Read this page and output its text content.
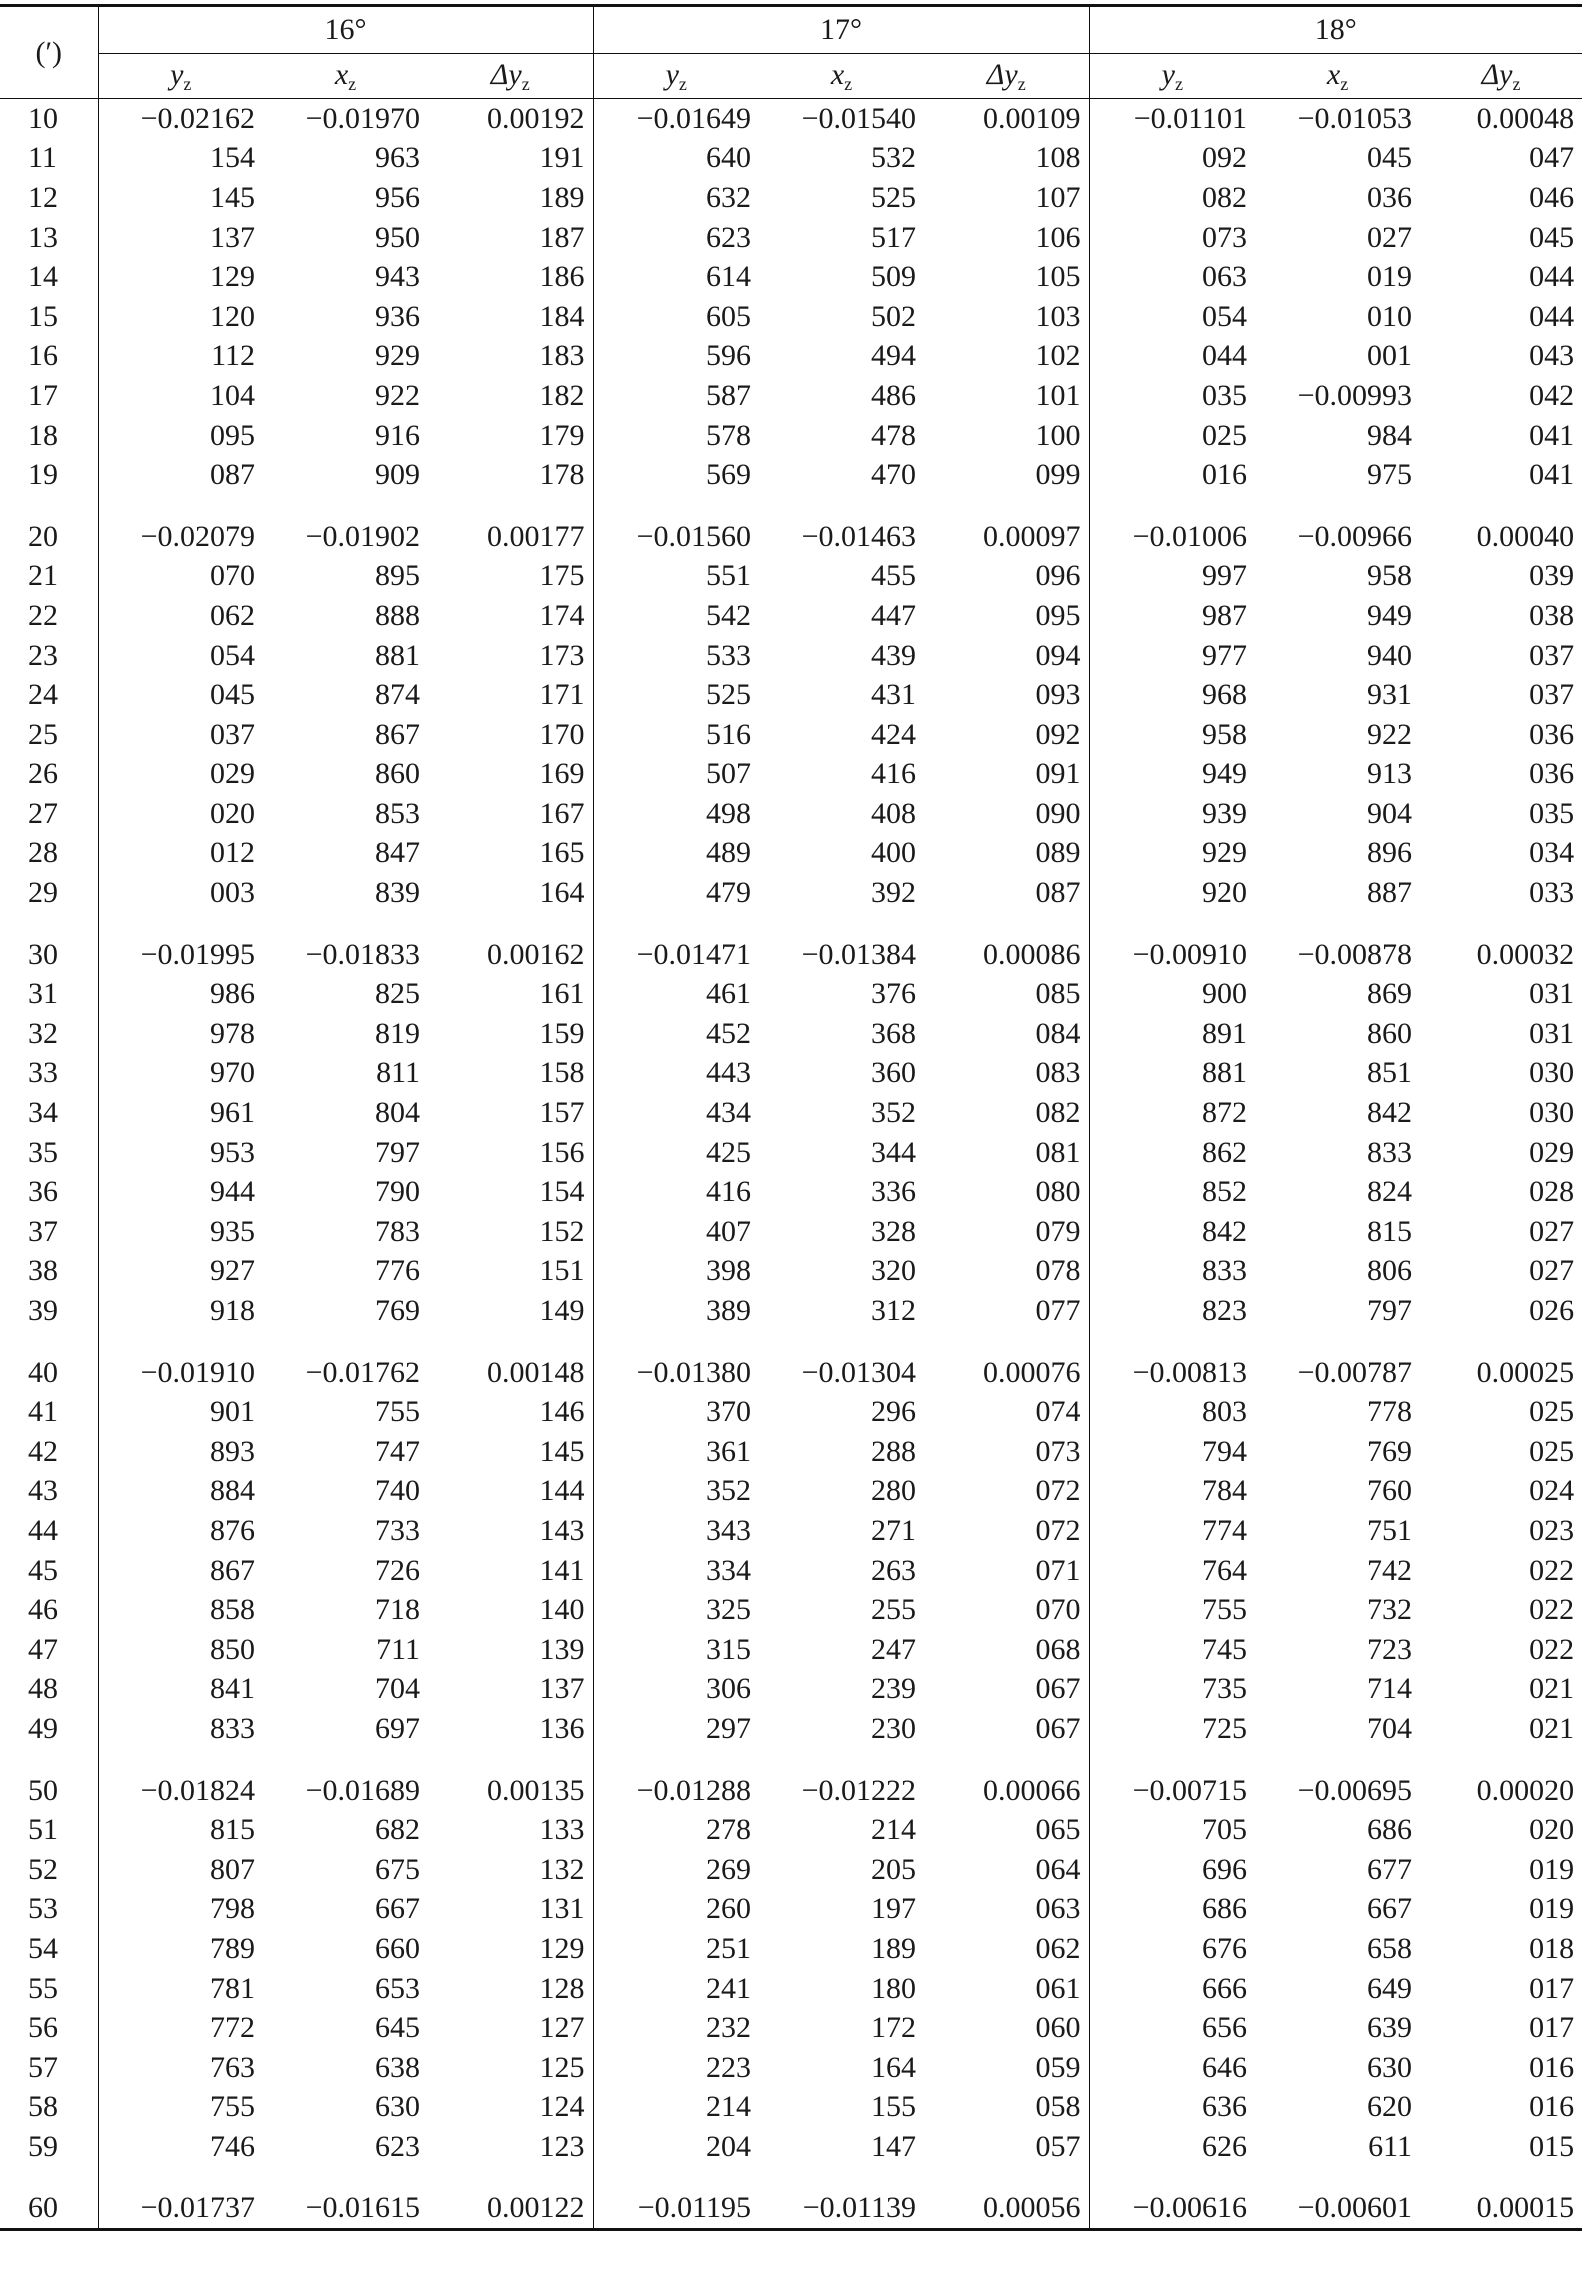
(′)	16°			17°			18°		
	$y_z$	$x_z$	$\Delta y_z$	$y_z$	$x_z$	$\Delta y_z$	$y_z$	$x_z$	$\Delta y_z$
10	−0.02162	−0.01970	0.00192	−0.01649	−0.01540	0.00109	−0.01101	−0.01053	0.00048
11	154	963	191	640	532	108	092	045	047
12	145	956	189	632	525	107	082	036	046
13	137	950	187	623	517	106	073	027	045
14	129	943	186	614	509	105	063	019	044
15	120	936	184	605	502	103	054	010	044
16	112	929	183	596	494	102	044	001	043
17	104	922	182	587	486	101	035	−0.00993	042
18	095	916	179	578	478	100	025	984	041
19	087	909	178	569	470	099	016	975	041
20	−0.02079	−0.01902	0.00177	−0.01560	−0.01463	0.00097	−0.01006	−0.00966	0.00040
21	070	895	175	551	455	096	997	958	039
22	062	888	174	542	447	095	987	949	038
23	054	881	173	533	439	094	977	940	037
24	045	874	171	525	431	093	968	931	037
25	037	867	170	516	424	092	958	922	036
26	029	860	169	507	416	091	949	913	036
27	020	853	167	498	408	090	939	904	035
28	012	847	165	489	400	089	929	896	034
29	003	839	164	479	392	087	920	887	033
30	−0.01995	−0.01833	0.00162	−0.01471	−0.01384	0.00086	−0.00910	−0.00878	0.00032
31	986	825	161	461	376	085	900	869	031
32	978	819	159	452	368	084	891	860	031
33	970	811	158	443	360	083	881	851	030
34	961	804	157	434	352	082	872	842	030
35	953	797	156	425	344	081	862	833	029
36	944	790	154	416	336	080	852	824	028
37	935	783	152	407	328	079	842	815	027
38	927	776	151	398	320	078	833	806	027
39	918	769	149	389	312	077	823	797	026
40	−0.01910	−0.01762	0.00148	−0.01380	−0.01304	0.00076	−0.00813	−0.00787	0.00025
41	901	755	146	370	296	074	803	778	025
42	893	747	145	361	288	073	794	769	025
43	884	740	144	352	280	072	784	760	024
44	876	733	143	343	271	072	774	751	023
45	867	726	141	334	263	071	764	742	022
46	858	718	140	325	255	070	755	732	022
47	850	711	139	315	247	068	745	723	022
48	841	704	137	306	239	067	735	714	021
49	833	697	136	297	230	067	725	704	021
50	−0.01824	−0.01689	0.00135	−0.01288	−0.01222	0.00066	−0.00715	−0.00695	0.00020
51	815	682	133	278	214	065	705	686	020
52	807	675	132	269	205	064	696	677	019
53	798	667	131	260	197	063	686	667	019
54	789	660	129	251	189	062	676	658	018
55	781	653	128	241	180	061	666	649	017
56	772	645	127	232	172	060	656	639	017
57	763	638	125	223	164	059	646	630	016
58	755	630	124	214	155	058	636	620	016
59	746	623	123	204	147	057	626	611	015
60	−0.01737	−0.01615	0.00122	−0.01195	−0.01139	0.00056	−0.00616	−0.00601	0.00015
